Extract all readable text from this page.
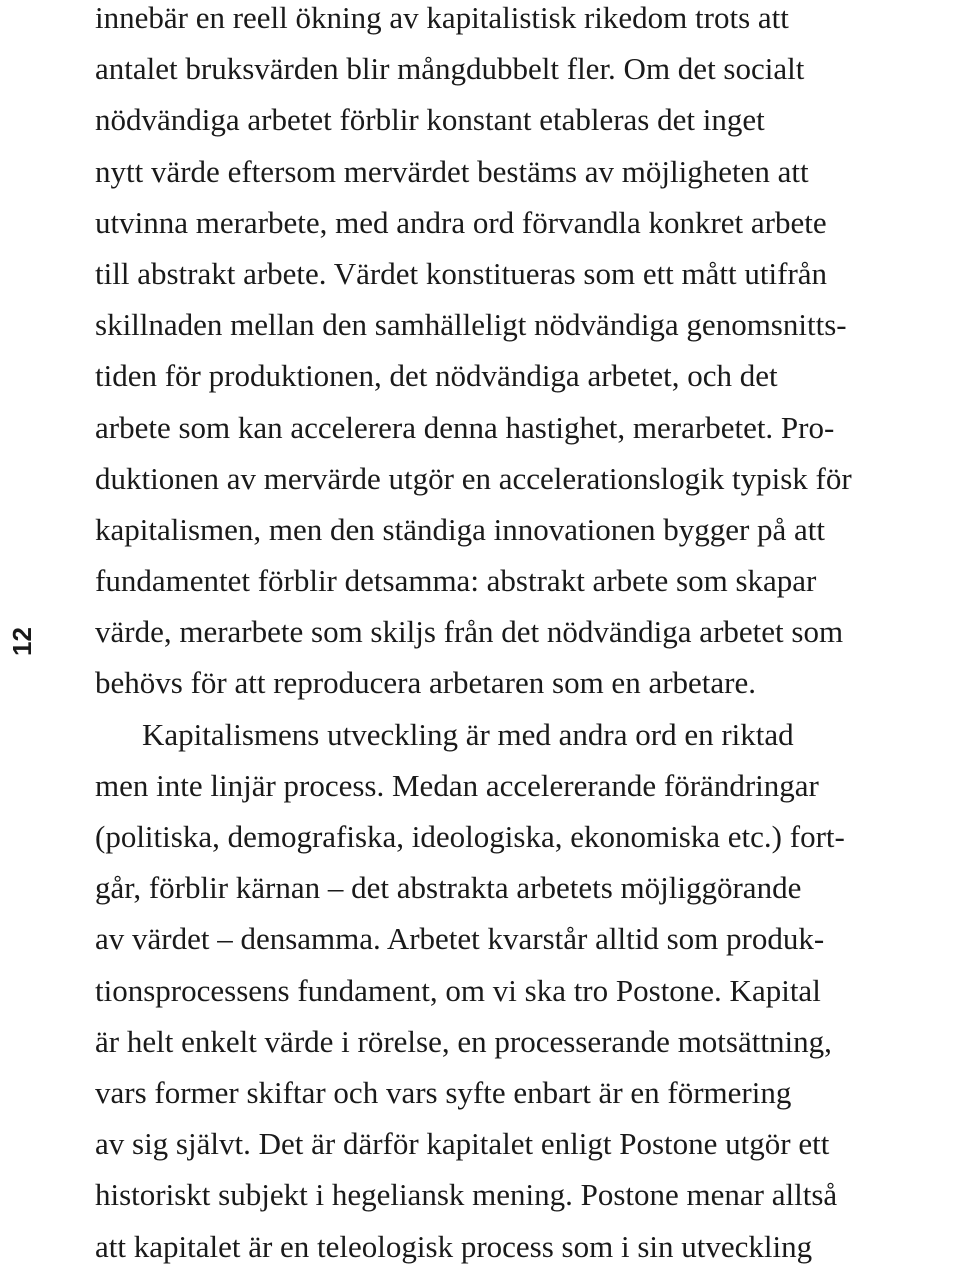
innebär en reell ökning av kapitalistisk rikedom trots att
antalet bruksvärden blir mångdubbelt fler. Om det socialt
nödvändiga arbetet förblir konstant etableras det inget
nytt värde eftersom mervärdet bestäms av möjligheten att
utvinna merarbete, med andra ord förvandla konkret arbete
till abstrakt arbete. Värdet konstitueras som ett mått utifrån
skillnaden mellan den samhälleligt nödvändiga genomsnitts-
tiden för produktionen, det nödvändiga arbetet, och det
arbete som kan accelerera denna hastighet, merarbetet. Pro-
duktionen av mervärde utgör en accelerationslogik typisk för
kapitalismen, men den ständiga innovationen bygger på att
fundamentet förblir detsamma: abstrakt arbete som skapar
värde, merarbete som skiljs från det nödvändiga arbetet som
behövs för att reproducera arbetaren som en arbetare.
Kapitalismens utveckling är med andra ord en riktad
men inte linjär process. Medan accelererande förändringar
(politiska, demografiska, ideologiska, ekonomiska etc.) fort-
går, förblir kärnan – det abstrakta arbetets möjliggörande
av värdet – densamma. Arbetet kvarstår alltid som produk-
tionsprocessens fundament, om vi ska tro Postone. Kapital
är helt enkelt värde i rörelse, en processerande motsättning,
vars former skiftar och vars syfte enbart är en förmering
av sig självt. Det är därför kapitalet enligt Postone utgör ett
historiskt subjekt i hegeliansk mening. Postone menar alltså
att kapitalet är en teleologisk process som i sin utveckling
12
